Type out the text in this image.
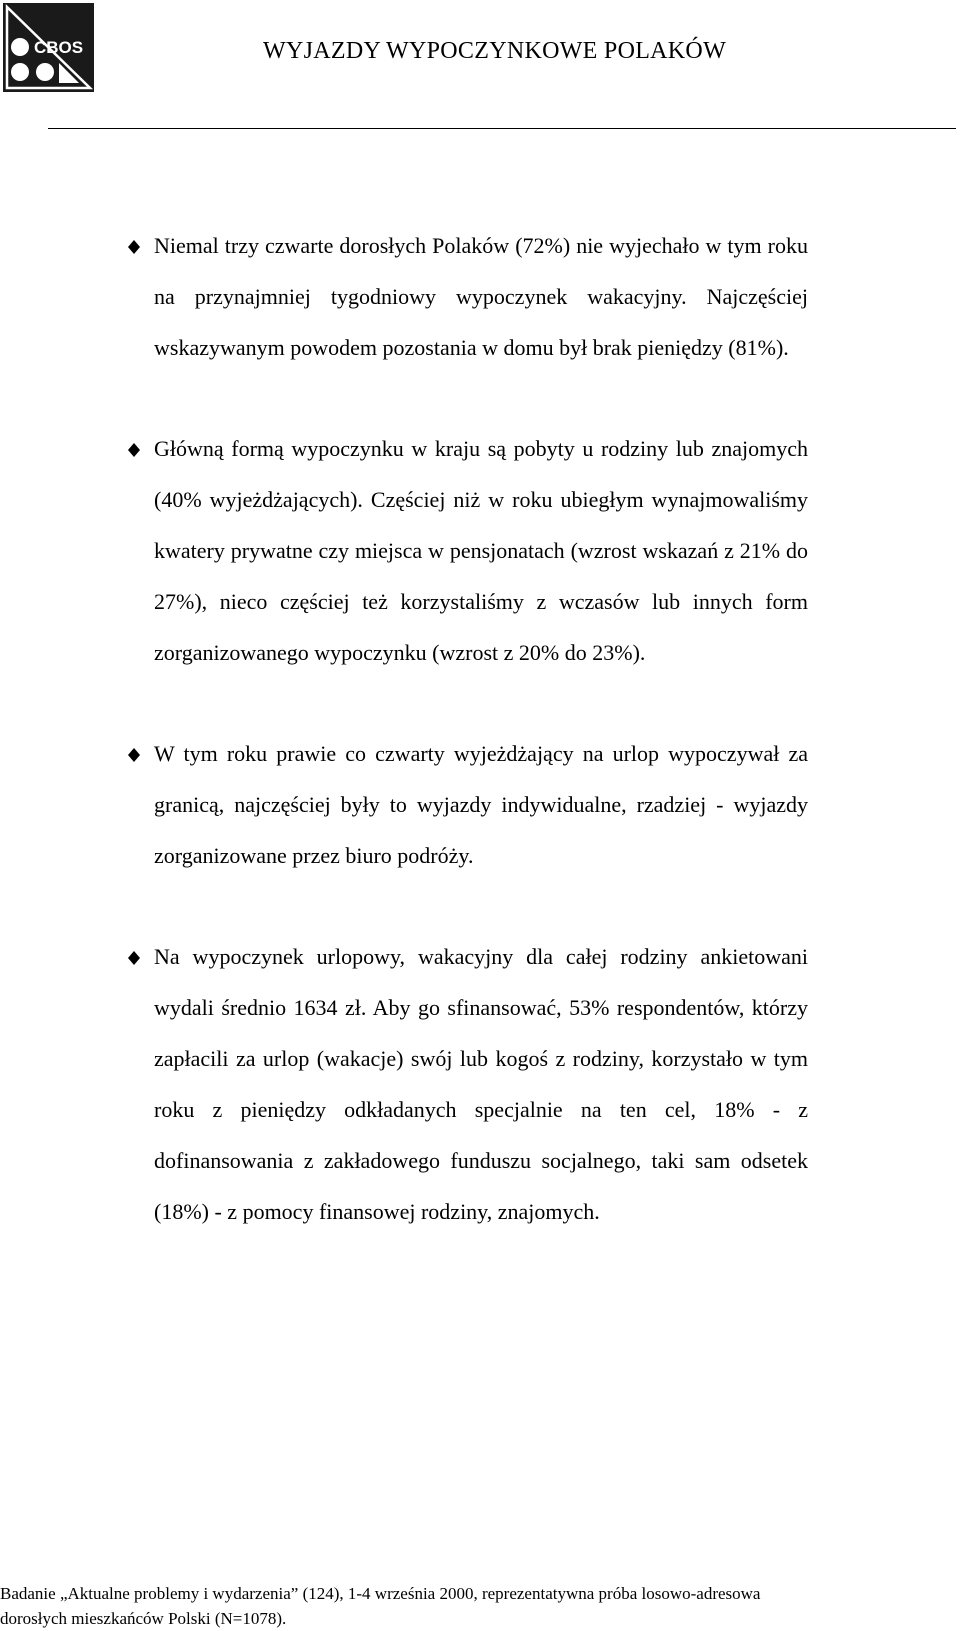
CBOS	WYJAZDY WYPOCZYNKOWE POLAKÓW
Niemal trzy czwarte dorosłych Polaków (72%) nie wyjechało w tym roku na przynajmniej tygodniowy wypoczynek wakacyjny. Najczęściej wskazywanym powodem pozostania w domu był brak pieniędzy (81%).
Główną formą wypoczynku w kraju są pobyty u rodziny lub znajomych (40% wyjeżdżających). Częściej niż w roku ubiegłym wynajmowaliśmy kwatery prywatne czy miejsca w pensjonatach (wzrost wskazań z 21% do 27%), nieco częściej też korzystaliśmy z wczasów lub innych form zorganizowanego wypoczynku (wzrost z 20% do 23%).
W tym roku prawie co czwarty wyjeżdżający na urlop wypoczywał za granicą, najczęściej były to wyjazdy indywidualne, rzadziej - wyjazdy zorganizowane przez biuro podróży.
Na wypoczynek urlopowy, wakacyjny dla całej rodziny ankietowani wydali średnio 1634 zł. Aby go sfinansować, 53% respondentów, którzy zapłacili za urlop (wakacje) swój lub kogoś z rodziny, korzystało w tym roku z pieniędzy odkładanych specjalnie na ten cel, 18% - z dofinansowania z zakładowego funduszu socjalnego, taki sam odsetek (18%) - z pomocy finansowej rodziny, znajomych.
Badanie „Aktualne problemy i wydarzenia” (124), 1-4 września 2000, reprezentatywna próba losowo-adresowa
dorosłych mieszkańców Polski (N=1078).
